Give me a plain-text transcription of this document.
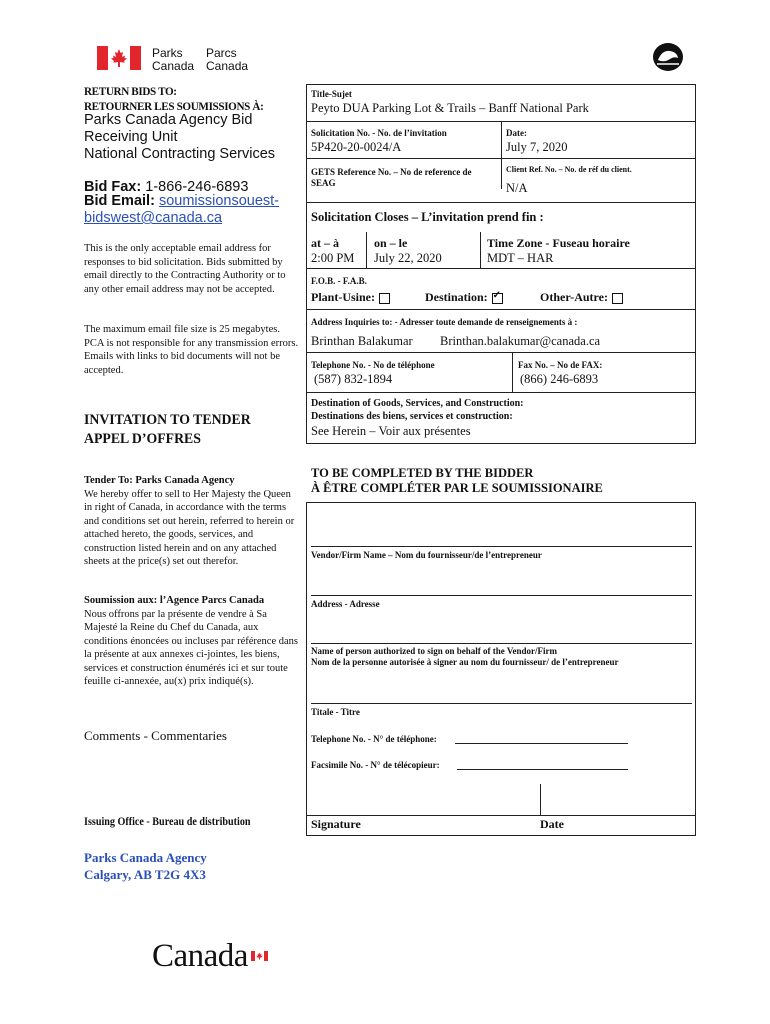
Parks
Canada
Parcs
Canada
RETURN BIDS TO:
RETOURNER LES SOUMISSIONS À:
Parks Canada Agency Bid
Receiving Unit
National Contracting Services
Bid Fax: 1-866-246-6893
Bid Email: soumissionsouest-
bidswest@canada.ca
This is the only acceptable email address for responses to bid solicitation. Bids submitted by email directly to the Contracting Authority or to any other email address may not be accepted.
The maximum email file size is 25 megabytes. PCA is not responsible for any transmission errors. Emails with links to bid documents will not be accepted.
INVITATION TO TENDER
APPEL D’OFFRES
Tender To: Parks Canada Agency
We hereby offer to sell to Her Majesty the Queen in right of Canada, in accordance with the terms and conditions set out herein, referred to herein or attached hereto, the goods, services, and construction listed herein and on any attached sheets at the price(s) set out therefor.
Soumission aux: l’Agence Parcs Canada
Nous offrons par la présente de vendre à Sa Majesté la Reine du Chef du Canada, aux conditions énoncées ou incluses par référence dans la présente at aux annexes ci-jointes, les biens, services et construction énumérés ici et sur toute feuille ci-annexée, au(x) prix indiqué(s).
Comments - Commentaries
Issuing Office - Bureau de distribution
Parks Canada Agency
Calgary, AB T2G 4X3
Title-Sujet
Peyto DUA Parking Lot & Trails – Banff National Park
Solicitation No. - No. de l’invitation
5P420-20-0024/A
Date:
July 7, 2020
GETS Reference No. – No de reference de SEAG
Client Ref. No. – No. de réf du client.
N/A
Solicitation Closes – L’invitation prend fin :
at – à
2:00 PM
on – le
July 22, 2020
Time Zone - Fuseau horaire
MDT – HAR
F.O.B. - F.A.B.
Plant-Usine:	Destination:✓	Other-Autre:
Address Inquiries to: - Adresser toute demande de renseignements à :
Brinthan Balakumar Brinthan.balakumar@canada.ca
Telephone No. - No de téléphone
(587) 832-1894
Fax No. – No de FAX:
(866) 246-6893
Destination of Goods, Services, and Construction:
Destinations des biens, services et construction:
See Herein – Voir aux présentes
TO BE COMPLETED BY THE BIDDER
À ÊTRE COMPLÉTER PAR LE SOUMISSIONAIRE
Vendor/Firm Name – Nom du fournisseur/de l’entrepreneur
Address - Adresse
Name of person authorized to sign on behalf of the Vendor/Firm
Nom de la personne autorisée à signer au nom du fournisseur/ de l’entrepreneur
Titale - Titre
Telephone No. - N° de téléphone:
Facsimile No. - N° de télécopieur:
Signature	Date
Canada
